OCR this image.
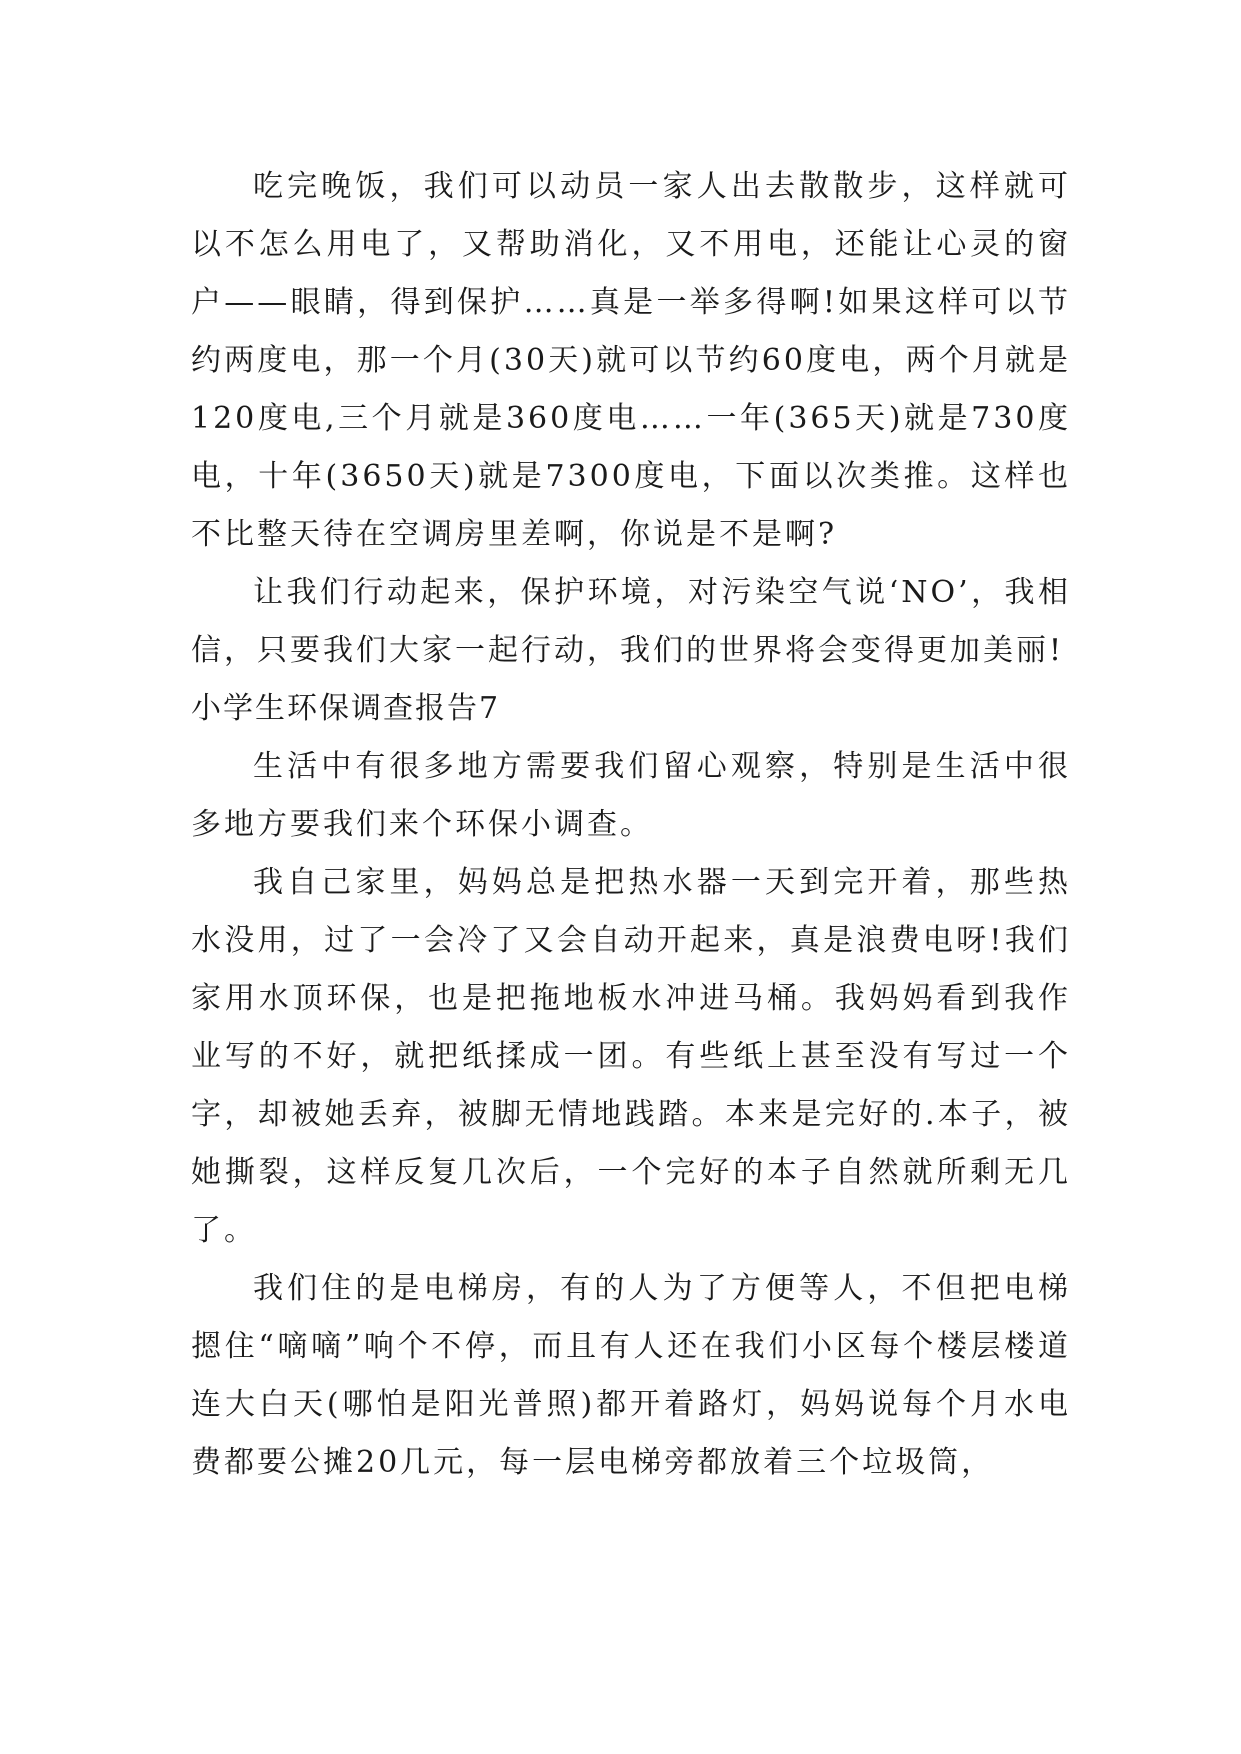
吃完晚饭，我们可以动员一家人出去散散步，这样就可以不怎么用电了，又帮助消化，又不用电，还能让心灵的窗户——眼睛，得到保护……真是一举多得啊!如果这样可以节约两度电，那一个月(30天)就可以节约60度电，两个月就是120度电,三个月就是360度电……一年(365天)就是730度电，十年(3650天)就是7300度电，下面以次类推。这样也不比整天待在空调房里差啊，你说是不是啊?

让我们行动起来，保护环境，对污染空气说‘NO’，我相信，只要我们大家一起行动，我们的世界将会变得更加美丽!

小学生环保调查报告7

生活中有很多地方需要我们留心观察，特别是生活中很多地方要我们来个环保小调查。

我自己家里，妈妈总是把热水器一天到完开着，那些热水没用，过了一会冷了又会自动开起来，真是浪费电呀!我们家用水顶环保，也是把拖地板水冲进马桶。我妈妈看到我作业写的不好，就把纸揉成一团。有些纸上甚至没有写过一个字，却被她丢弃，被脚无情地践踏。本来是完好的.本子，被她撕裂，这样反复几次后，一个完好的本子自然就所剩无几了。

我们住的是电梯房，有的人为了方便等人，不但把电梯摁住“嘀嘀”响个不停，而且有人还在我们小区每个楼层楼道连大白天(哪怕是阳光普照)都开着路灯，妈妈说每个月水电费都要公摊20几元，每一层电梯旁都放着三个垃圾筒，
